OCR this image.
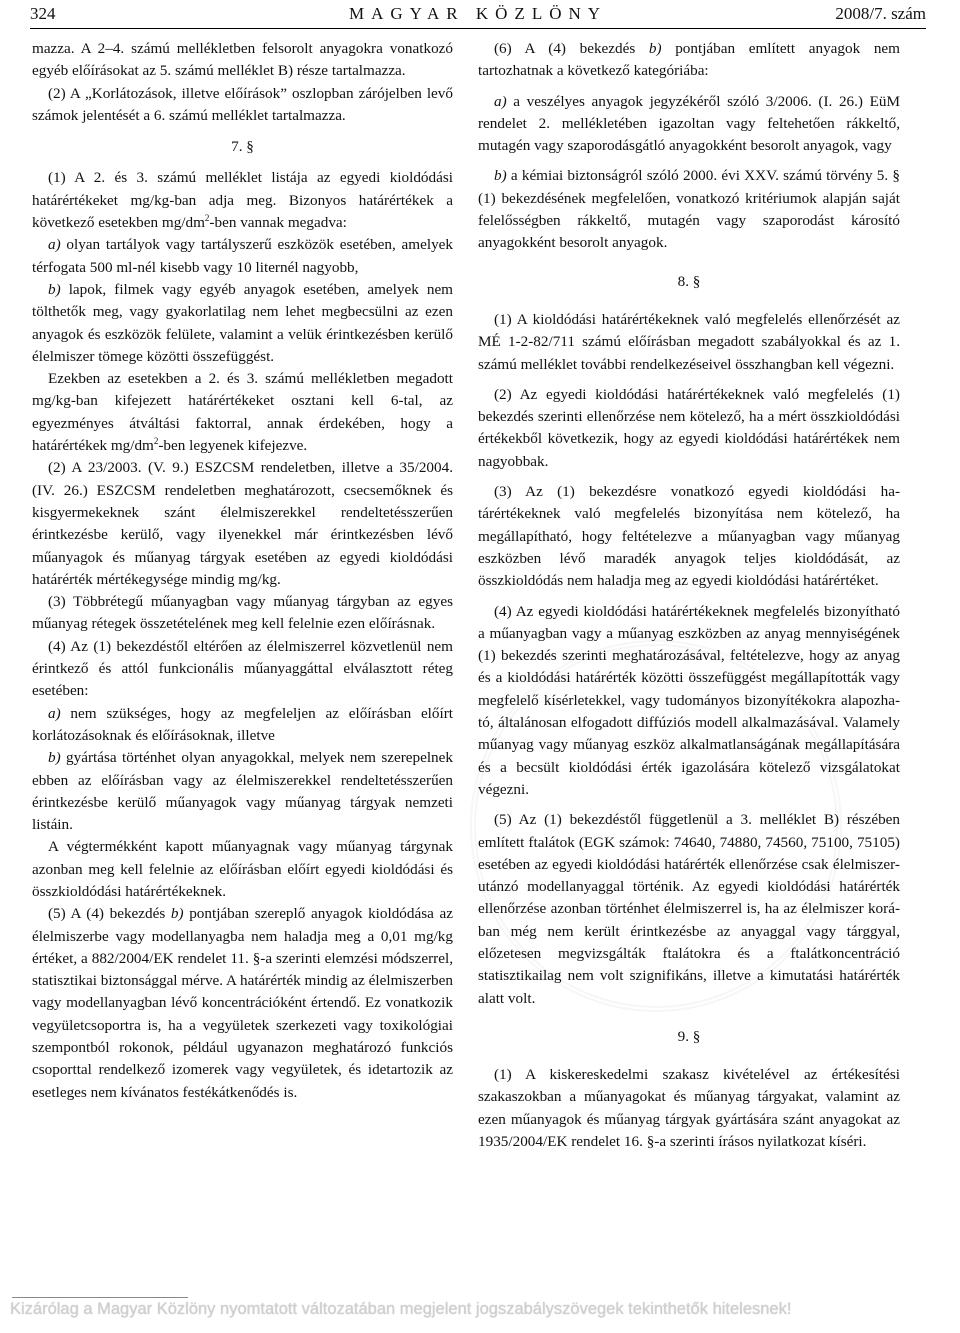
324	MAGYAR KÖZLÖNY	2008/7. szám

mazza. A 2–4. számú mellékletben felsorolt anyagokra vonatkozó egyéb előírásokat az 5. számú melléklet B) része tartalmazza.

(2) A „Korlátozások, illetve előírások” oszlopban zárójelben levő számok jelentését a 6. számú melléklet tartalmazza.

7. §

(1) A 2. és 3. számú melléklet listája az egyedi kioldódási határértékeket mg/kg-ban adja meg. Bizonyos határértékek a következő esetekben $mg/dm^2$-ben vannak megadva:

a) olyan tartályok vagy tartályszerű eszközök esetében, amelyek térfogata 500 ml-nél kisebb vagy 10 liternél nagyobb,

b) lapok, filmek vagy egyéb anyagok esetében, amelyek nem tölthetők meg, vagy gyakorlatilag nem lehet megbecsülni az ezen anyagok és eszközök felülete, valamint a velük érintkezésben kerülő élelmiszer tömege közötti összefüggést.

Ezekben az esetekben a 2. és 3. számú mellékletben megadott mg/kg-ban kifejezett határértékeket osztani kell 6-tal, az egyezményes átváltási faktorral, annak érdekében, hogy a határértékek $mg/dm^2$-ben legyenek kifejezve.

(2) A 23/2003. (V. 9.) ESZCSM rendeletben, illetve a 35/2004. (IV. 26.) ESZCSM rendeletben meghatározott, csecsemőknek és kisgyermekeknek szánt élelmiszerekkel rendeltetésszerűen érintkezésbe kerülő, vagy ilyenekkel már érintkezésben lévő műanyagok és műanyag tárgyak esetében az egyedi kioldódási határérték mértékegysége mindig mg/kg.

(3) Többrétegű műanyagban vagy műanyag tárgyban az egyes műanyag rétegek összetételének meg kell felelnie ezen előírásnak.

(4) Az (1) bekezdéstől eltérően az élelmiszerrel közvetlenül nem érintkező és attól funkcionális műanyaggáttal elválasztott réteg esetében:

a) nem szükséges, hogy az megfeleljen az előírásban előírt korlátozásoknak és előírásoknak, illetve

b) gyártása történhet olyan anyagokkal, melyek nem szerepelnek ebben az előírásban vagy az élelmiszerekkel rendeltetésszerűen érintkezésbe kerülő műanyagok vagy műanyag tárgyak nemzeti listáin.

A végtermékként kapott műanyagnak vagy műanyag tárgynak azonban meg kell felelnie az előírásban előírt egyedi kioldódási és összkioldódási határértékeknek.

(5) A (4) bekezdés b) pontjában szereplő anyagok kioldódása az élelmiszerbe vagy modellanyagba nem haladja meg a 0,01 mg/kg értéket, a 882/2004/EK rendelet 11. §-a szerinti elemzési módszerrel, statisztikai biztonsággal mérve. A határérték mindig az élelmiszerben vagy modellanyagban lévő koncentrációként értendő. Ez vonatkozik vegyületcsoportra is, ha a vegyületek szerkezeti vagy toxikológiai szempontból rokonok, például ugyanazon meghatározó funkciós csoporttal rendelkező izomerek vagy vegyületek, és idetartozik az esetleges nem kívánatos festékátkenődés is.

(6) A (4) bekezdés b) pontjában említett anyagok nem tartozhatnak a következő kategóriába:

a) a veszélyes anyagok jegyzékéről szóló 3/2006. (I. 26.) EüM rendelet 2. mellékletében igazoltan vagy feltehetően rákkeltő, mutagén vagy szaporodásgátló anyagokként besorolt anyagok, vagy

b) a kémiai biztonságról szóló 2000. évi XXV. számú törvény 5. § (1) bekezdésének megfelelően, vonatkozó kritériumok alapján saját felelősségben rákkeltő, mutagén vagy szaporodást károsító anyagokként besorolt anyagok.

8. §

(1) A kioldódási határértékeknek való megfelelés ellenőrzését az MÉ 1-2-82/711 számú előírásban megadott szabályokkal és az 1. számú melléklet további rendelkezéseivel összhangban kell végezni.

(2) Az egyedi kioldódási határértékeknek való megfelelés (1) bekezdés szerinti ellenőrzése nem kötelező, ha a mért összkioldódási értékekből következik, hogy az egyedi kioldódási határértékek nem nagyobbak.

(3) Az (1) bekezdésre vonatkozó egyedi kioldódási határértékeknek való megfelelés bizonyítása nem kötelező, ha megállapítható, hogy feltételezve a műanyagban vagy műanyag eszközben lévő maradék anyagok teljes kioldódását, az összkioldódás nem haladja meg az egyedi kioldódási határértéket.

(4) Az egyedi kioldódási határértékeknek megfelelés bizonyítható a műanyagban vagy a műanyag eszközben az anyag mennyiségének (1) bekezdés szerinti meghatározásával, feltételezve, hogy az anyag és a kioldódási határérték közötti összefüggést megállapították vagy megfelelő kísérletekkel, vagy tudományos bizonyítékokra alapozható, általánosan elfogadott diffúziós modell alkalmazásával. Valamely műanyag vagy műanyag eszköz alkalmatlanságának megállapítására és a becsült kioldódási érték igazolására kötelező vizsgálatokat végezni.

(5) Az (1) bekezdéstől függetlenül a 3. melléklet B) részében említett ftalátok (EGK számok: 74640, 74880, 74560, 75100, 75105) esetében az egyedi kioldódási határérték ellenőrzése csak élelmiszer-utánzó modellanyaggal történik. Az egyedi kioldódási határérték ellenőrzése azonban történhet élelmiszerrel is, ha az élelmiszer korában még nem került érintkezésbe az anyaggal vagy tárggyal, előzetesen megvizsgálták ftalátokra és a ftalátkoncentráció statisztikailag nem volt szignifikáns, illetve a kimutatási határérték alatt volt.

9. §

(1) A kiskereskedelmi szakasz kivételével az értékesítési szakaszokban a műanyagokat és műanyag tárgyakat, valamint az ezen műanyagok és műanyag tárgyak gyártására szánt anyagokat az 1935/2004/EK rendelet 16. §-a szerinti írásos nyilatkozat kíséri.

Kizárólag a Magyar Közlöny nyomtatott változatában megjelent jogszabályszövegek tekinthetők hitelesnek!
